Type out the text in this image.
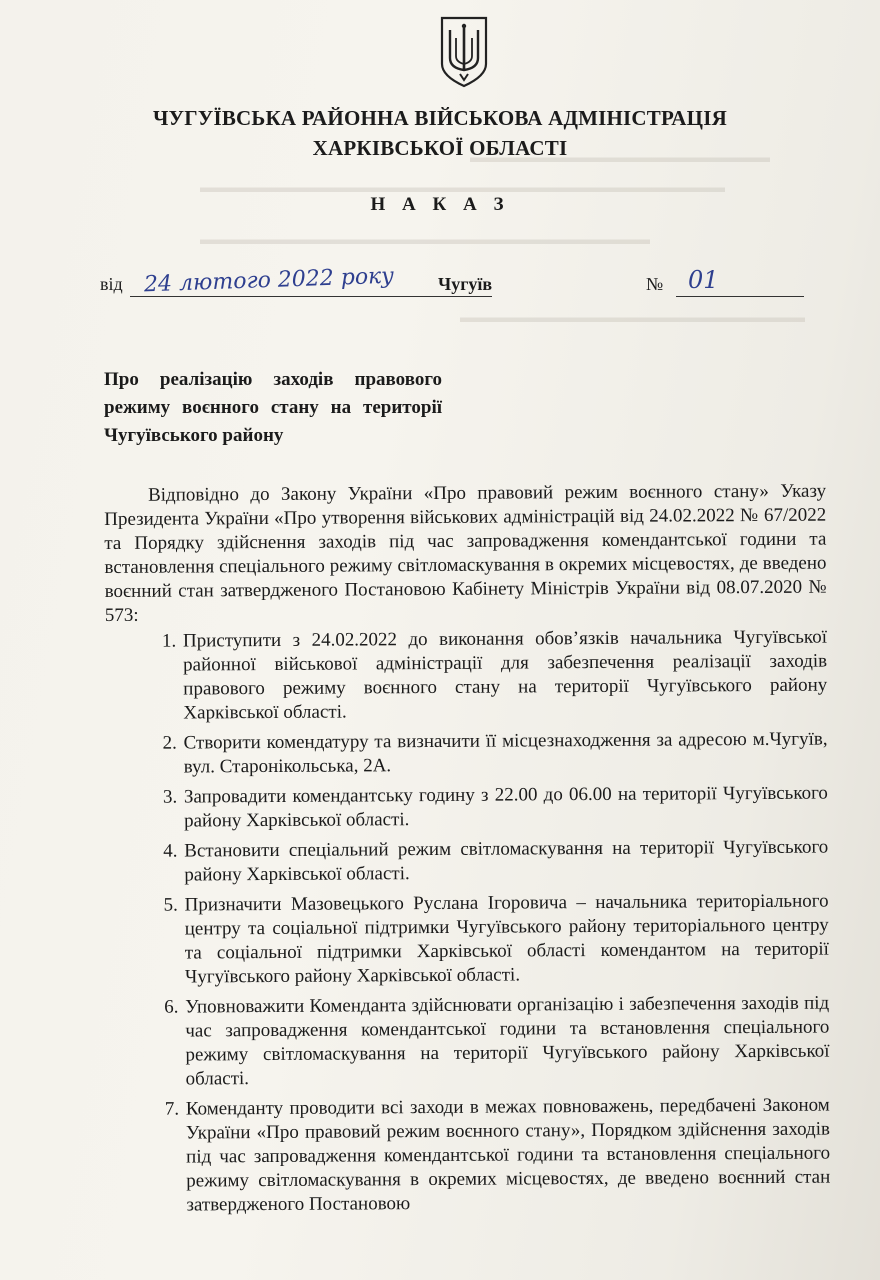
▬▬▬▬▬▬▬▬▬▬▬▬▬▬▬▬▬▬▬▬
▬▬▬▬▬▬▬▬▬▬▬▬▬▬▬▬▬▬▬▬▬▬▬▬▬▬▬▬▬▬▬▬▬▬▬
▬▬▬▬▬▬▬▬▬▬▬▬▬▬▬▬▬▬▬▬▬▬▬▬▬▬▬▬▬▬
▬▬▬▬▬▬▬▬▬▬▬▬▬▬▬▬▬▬▬▬▬▬▬
ЧУГУЇВСЬКА РАЙОННА ВІЙСЬКОВА АДМІНІСТРАЦІЯ
ХАРКІВСЬКОЇ ОБЛАСТІ
Н А К А З
від 24 лютого 2022 року Чугуїв	№ 01
Про реалізацію заходів правового режиму воєнного стану на території Чугуївського району

Відповідно до Закону України «Про правовий режим воєнного стану» Указу Президента України «Про утворення військових адміністрацій від 24.02.2022 № 67/2022 та Порядку здійснення заходів під час запровадження комендантської години та встановлення спеціального режиму світломаскування в окремих місцевостях, де введено воєнний стан затвердженого Постановою Кабінету Міністрів України від 08.07.2020 № 573:

1. Приступити з 24.02.2022 до виконання обов’язків начальника Чугуївської районної військової адміністрації для забезпечення реалізації заходів правового режиму воєнного стану на території Чугуївського району Харківської області.
2. Створити комендатуру та визначити її місцезнаходження за адресою м.Чугуїв, вул. Старонікольська, 2А.
3. Запровадити комендантську годину з 22.00 до 06.00 на території Чугуївського району Харківської області.
4. Встановити спеціальний режим світломаскування на території Чугуївського району Харківської області.
5. Призначити Мазовецького Руслана Ігоровича – начальника територіального центру та соціальної підтримки Чугуївського району територіального центру та соціальної підтримки Харківської області комендантом на території Чугуївського району Харківської області.
6. Уповноважити Коменданта здійснювати організацію і забезпечення заходів під час запровадження комендантської години та встановлення спеціального режиму світломаскування на території Чугуївського району Харківської області.
7. Коменданту проводити всі заходи в межах повноважень, передбачені Законом України «Про правовий режим воєнного стану», Порядком здійснення заходів під час запровадження комендантської години та встановлення спеціального режиму світломаскування в окремих місцевостях, де введено воєнний стан затвердженого Постановою
